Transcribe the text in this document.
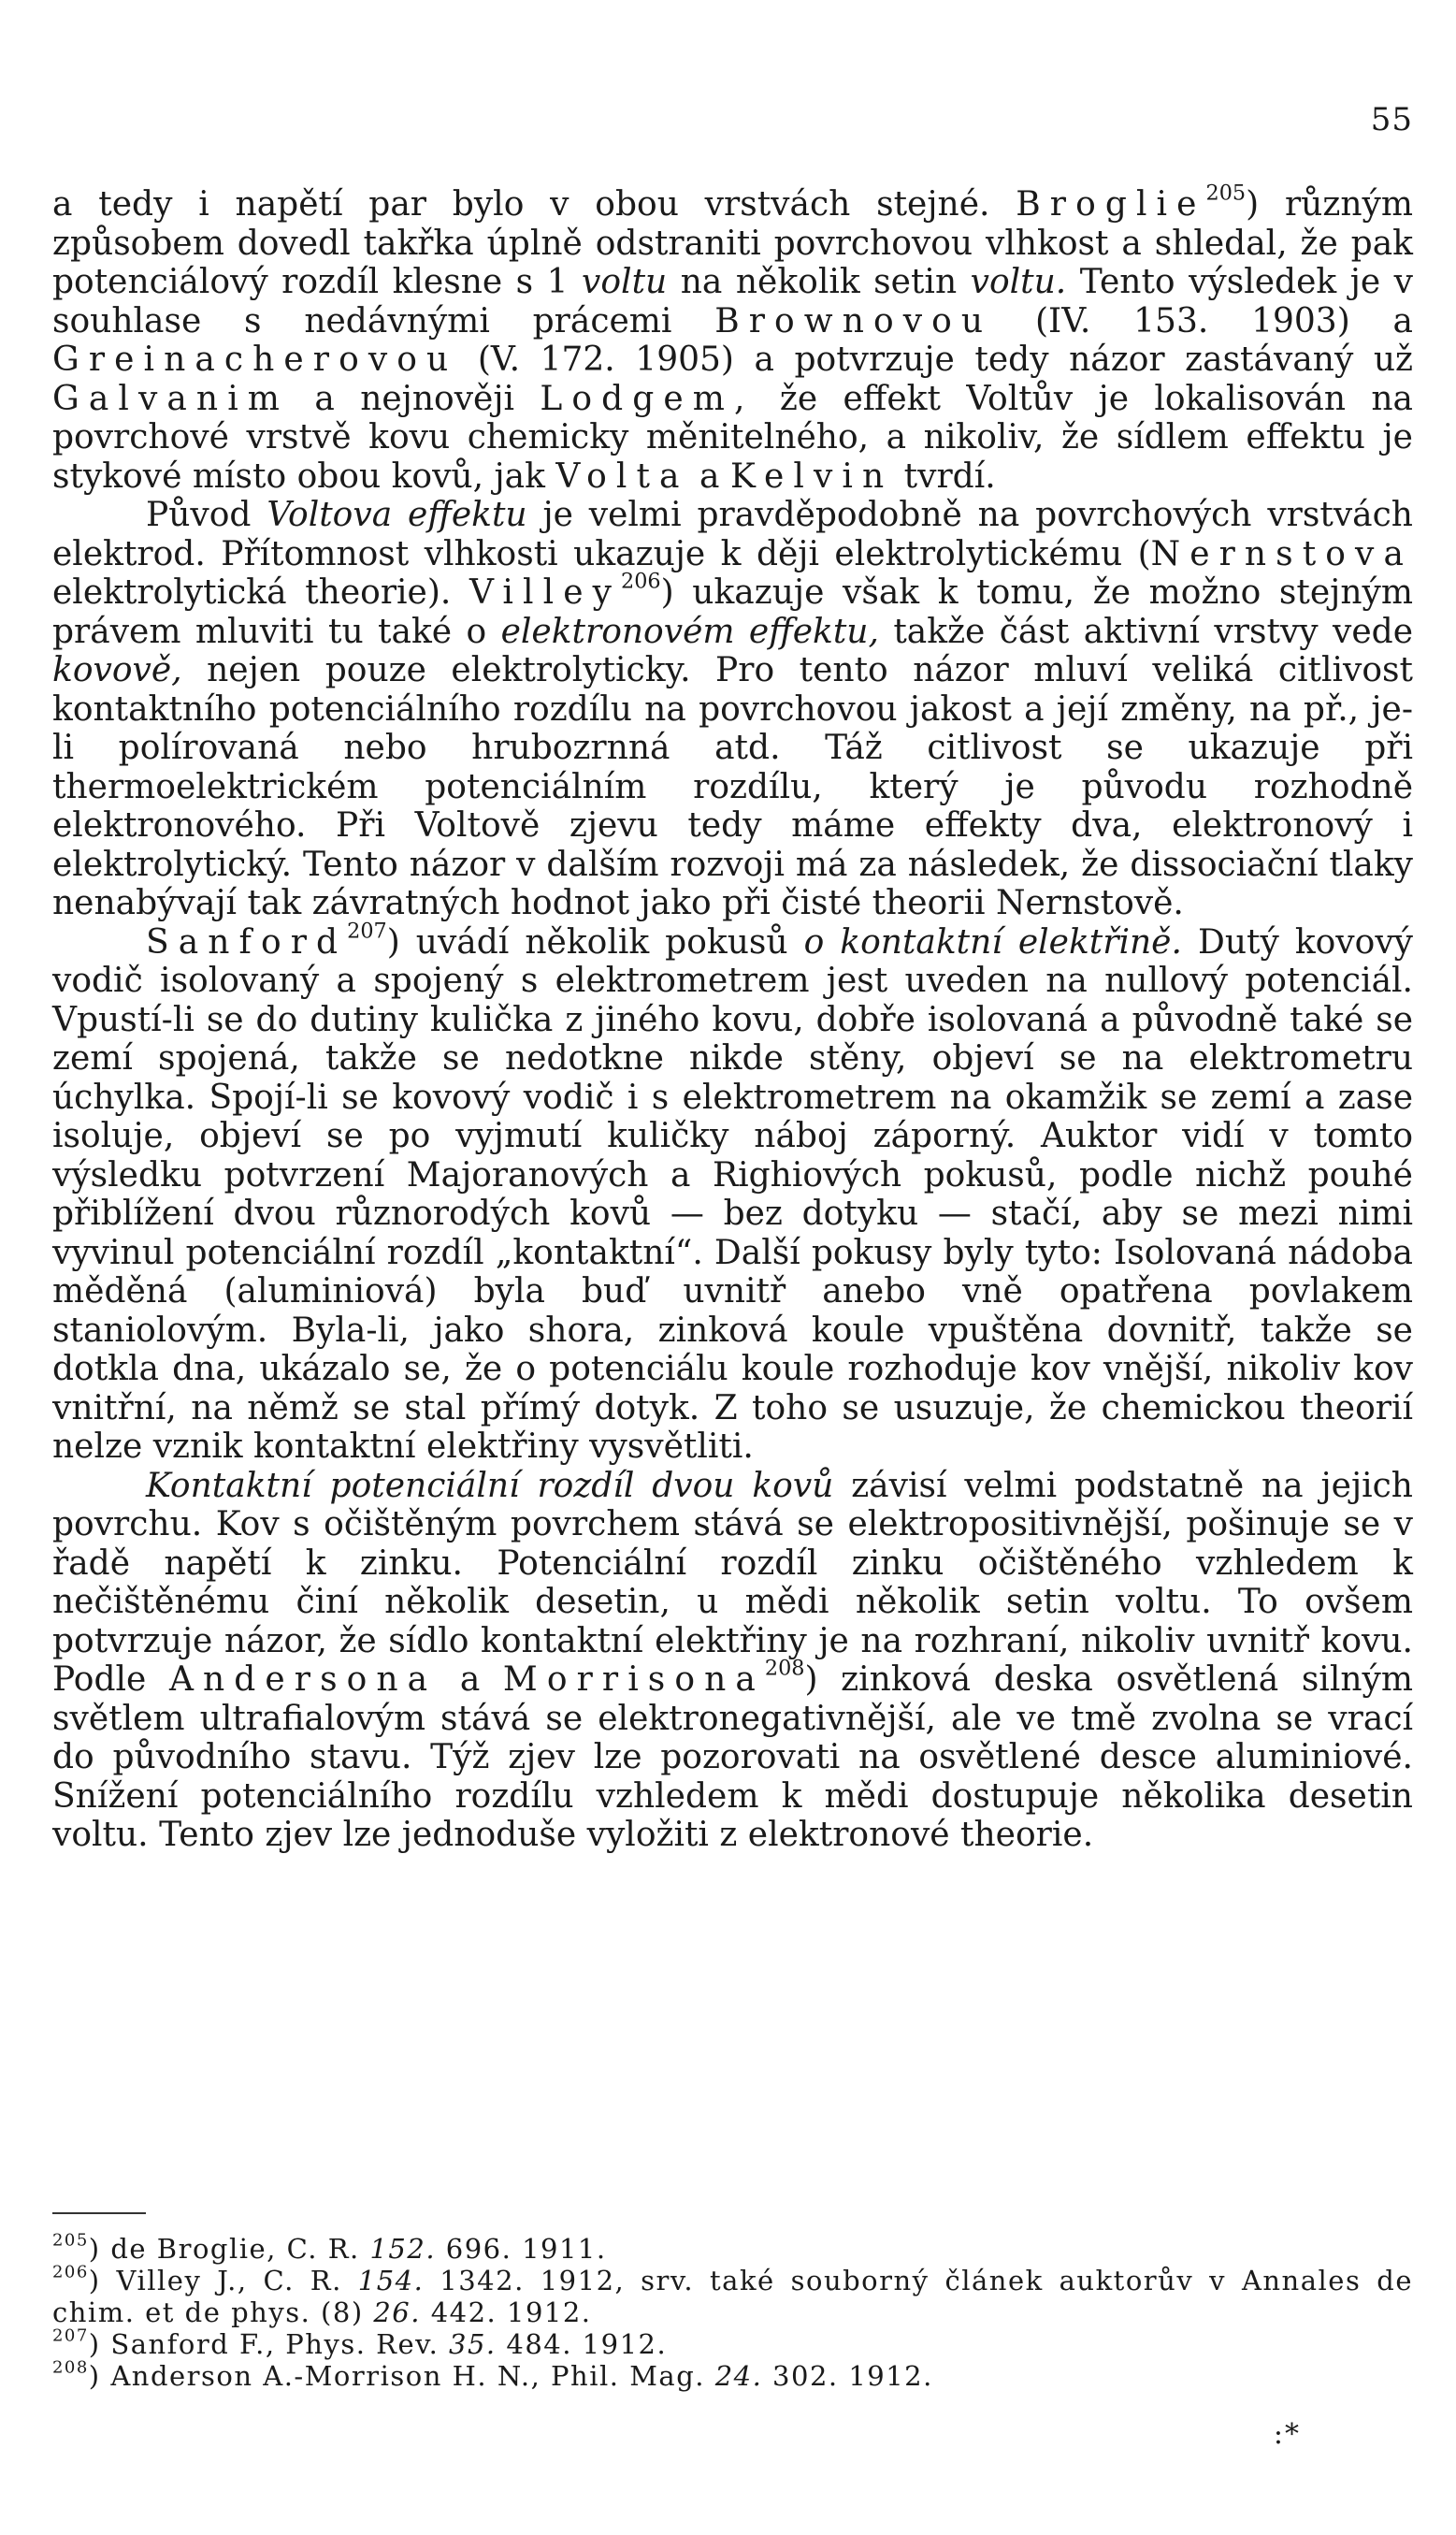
55

a tedy i napětí par bylo v obou vrstvách stejné. Broglie$^{205}$) různým způsobem dovedl takřka úplně odstraniti povrchovou vlhkost a shledal, že pak potenciálový rozdíl klesne s 1 voltu na několik setin voltu. Tento výsledek je v souhlase s nedávnými prácemi Brownovou (IV. 153. 1903) a Greinacherovou (V. 172. 1905) a potvrzuje tedy názor zastávaný už Galvanim a nejnověji Lodgem, že effekt Voltův je lokalisován na povrchové vrstvě kovu chemicky měnitelného, a nikoliv, že sídlem effektu je stykové místo obou kovů, jak Volta a Kelvin tvrdí.

Původ Voltova effektu je velmi pravděpodobně na povrchových vrstvách elektrod. Přítomnost vlhkosti ukazuje k ději elektrolytickému (Nernstova elektrolytická theorie). Villey$^{206}$) ukazuje však k tomu, že možno stejným právem mluviti tu také o elektronovém effektu, takže část aktivní vrstvy vede kovově, nejen pouze elektrolyticky. Pro tento názor mluví veliká citlivost kontaktního potenciálního rozdílu na povrchovou jakost a její změny, na př., je-li polírovaná nebo hrubozrnná atd. Táž citlivost se ukazuje při thermoelektrickém potenciálním rozdílu, který je původu rozhodně elektronového. Při Voltově zjevu tedy máme effekty dva, elektronový i elektrolytický. Tento názor v dalším rozvoji má za následek, že dissociační tlaky nenabývají tak závratných hodnot jako při čisté theorii Nernstově.

Sanford$^{207}$) uvádí několik pokusů o kontaktní elektřině. Dutý kovový vodič isolovaný a spojený s elektrometrem jest uveden na nullový potenciál. Vpustí-li se do dutiny kulička z jiného kovu, dobře isolovaná a původně také se zemí spojená, takže se nedotkne nikde stěny, objeví se na elektrometru úchylka. Spojí-li se kovový vodič i s elektrometrem na okamžik se zemí a zase isoluje, objeví se po vyjmutí kuličky náboj záporný. Auktor vidí v tomto výsledku potvrzení Majoranových a Righiových pokusů, podle nichž pouhé přiblížení dvou různorodých kovů — bez dotyku — stačí, aby se mezi nimi vyvinul potenciální rozdíl „kontaktní“. Další pokusy byly tyto: Isolovaná nádoba měděná (aluminiová) byla buď uvnitř anebo vně opatřena povlakem staniolovým. Byla-li, jako shora, zinková koule vpuštěna dovnitř, takže se dotkla dna, ukázalo se, že o potenciálu koule rozhoduje kov vnější, nikoliv kov vnitřní, na němž se stal přímý dotyk. Z toho se usuzuje, že chemickou theorií nelze vznik kontaktní elektřiny vysvětliti.

Kontaktní potenciální rozdíl dvou kovů závisí velmi podstatně na jejich povrchu. Kov s očištěným povrchem stává se elektropositivnější, pošinuje se v řadě napětí k zinku. Potenciální rozdíl zinku očištěného vzhledem k nečištěnému činí několik desetin, u mědi několik setin voltu. To ovšem potvrzuje názor, že sídlo kontaktní elektřiny je na rozhraní, nikoliv uvnitř kovu. Podle Andersona a Morrisona$^{208}$) zinková deska osvětlená silným světlem ultrafialovým stává se elektronegativnější, ale ve tmě zvolna se vrací do původního stavu. Týž zjev lze pozorovati na osvětlené desce aluminiové. Snížení potenciálního rozdílu vzhledem k mědi dostupuje několika desetin voltu. Tento zjev lze jednoduše vyložiti z elektronové theorie.

$^{205}$) de Broglie, C. R. 152. 696. 1911.

$^{206}$) Villey J., C. R. 154. 1342. 1912, srv. také souborný článek auktorův v Annales de chim. et de phys. (8) 26. 442. 1912.

$^{207}$) Sanford F., Phys. Rev. 35. 484. 1912.

$^{208}$) Anderson A.-Morrison H. N., Phil. Mag. 24. 302. 1912.

:*
